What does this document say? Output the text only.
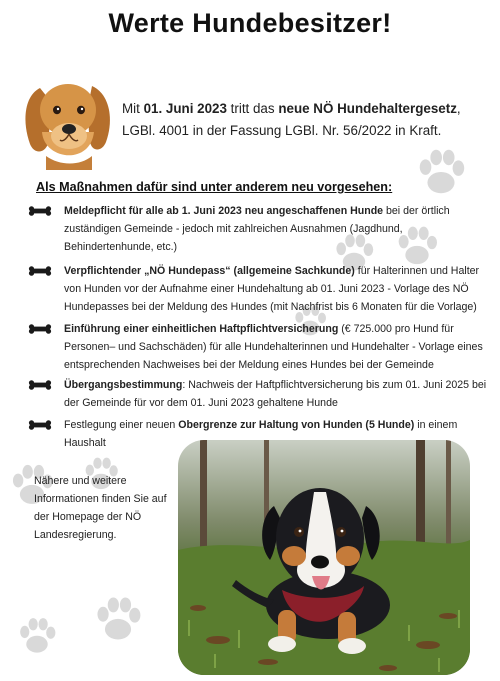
Werte Hundebesitzer!
Mit 01. Juni 2023 tritt das neue NÖ Hundehaltergesetz, LGBl. 4001 in der Fassung LGBl. Nr. 56/2022 in Kraft.
Als Maßnahmen dafür sind unter anderem neu vorgesehen:
Meldepflicht für alle ab 1. Juni 2023 neu angeschaffenen Hunde bei der örtlich zuständigen Gemeinde - jedoch mit zahlreichen Ausnahmen (Jagdhund, Behindertenhunde, etc.)
Verpflichtender „NÖ Hundepass“ (allgemeine Sachkunde) für Halterinnen und Halter von Hunden vor der Aufnahme einer Hundehaltung ab 01. Juni 2023 - Vorlage des NÖ Hundepasses bei der Meldung des Hundes (mit Nachfrist bis 6 Monaten für die Vorlage)
Einführung einer einheitlichen Haftpflichtversicherung (€ 725.000 pro Hund für Personen– und Sachschäden) für alle Hundehalterinnen und Hundehalter - Vorlage eines entsprechenden Nachweises bei der Meldung eines Hundes bei der Gemeinde
Übergangsbestimmung: Nachweis der Haftpflichtversicherung bis zum 01. Juni 2025 bei der Gemeinde für vor dem 01. Juni 2023 gehaltene Hunde
Festlegung einer neuen Obergrenze zur Haltung von Hunden (5 Hunde) in einem Haushalt
Nähere und weitere Informationen finden Sie auf der Homepage der NÖ Landesregierung.
